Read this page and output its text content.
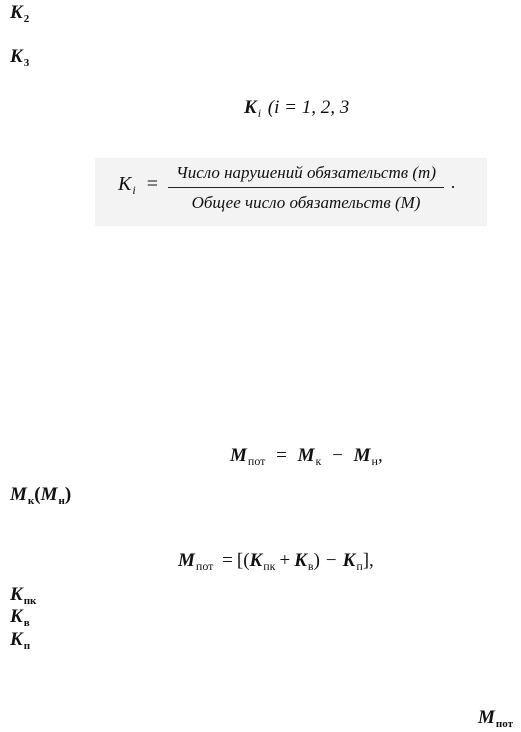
$K_2$
$K_3$
$K_i$ (i = 1, 2, 3
$K_i$ =
Число нарушений обязательств (m)
Общее число обязательств (M)
·
$M_{пот} = M_к - M_н$,
$M_к(M_н)$
$M_{пот} = [(K_{пк} + K_в) - K_п]$,
$K_{пк}$
$K_в$
$K_п$
$M_{пот}$
